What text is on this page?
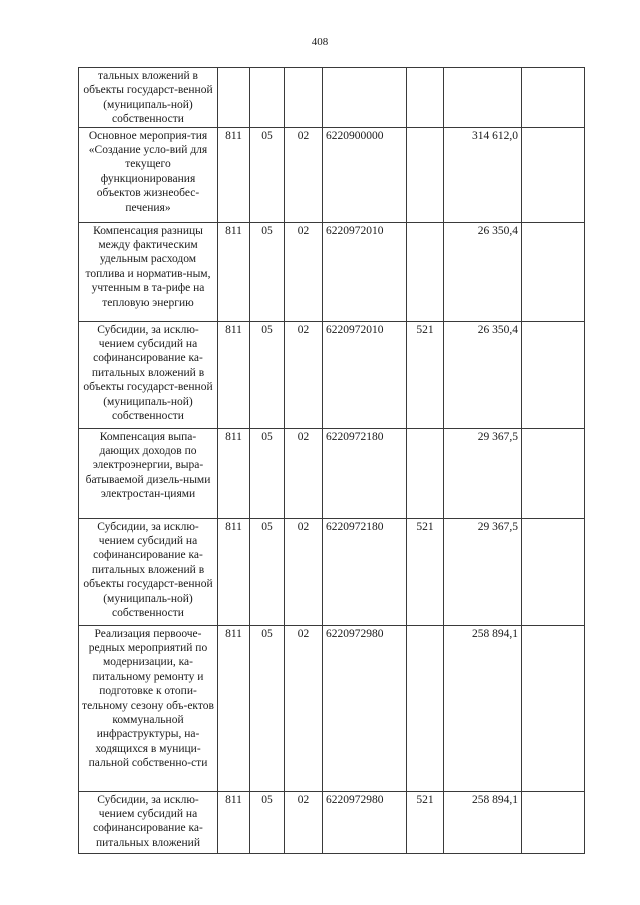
408
тальных вложений в объекты государст-венной (муниципаль-ной) собственности							
Основное мероприя-тия «Создание усло-вий для текущего функционирования объектов жизнеобес-печения»	811	05	02	6220900000		314 612,0	
Компенсация разницы между фактическим удельным расходом топлива и норматив-ным, учтенным в та-рифе на тепловую энергию	811	05	02	6220972010		26 350,4	
Субсидии, за исклю-чением субсидий на софинансирование ка-питальных вложений в объекты государст-венной (муниципаль-ной) собственности	811	05	02	6220972010	521	26 350,4	
Компенсация выпа-дающих доходов по электроэнергии, выра-батываемой дизель-ными электростан-циями	811	05	02	6220972180		29 367,5	
Субсидии, за исклю-чением субсидий на софинансирование ка-питальных вложений в объекты государст-венной (муниципаль-ной) собственности	811	05	02	6220972180	521	29 367,5	
Реализация первооче-редных мероприятий по модернизации, ка-питальному ремонту и подготовке к отопи-тельному сезону объ-ектов коммунальной инфраструктуры, на-ходящихся в муници-пальной собственно-сти	811	05	02	6220972980		258 894,1	
Субсидии, за исклю-чением субсидий на софинансирование ка-питальных вложений	811	05	02	6220972980	521	258 894,1	
